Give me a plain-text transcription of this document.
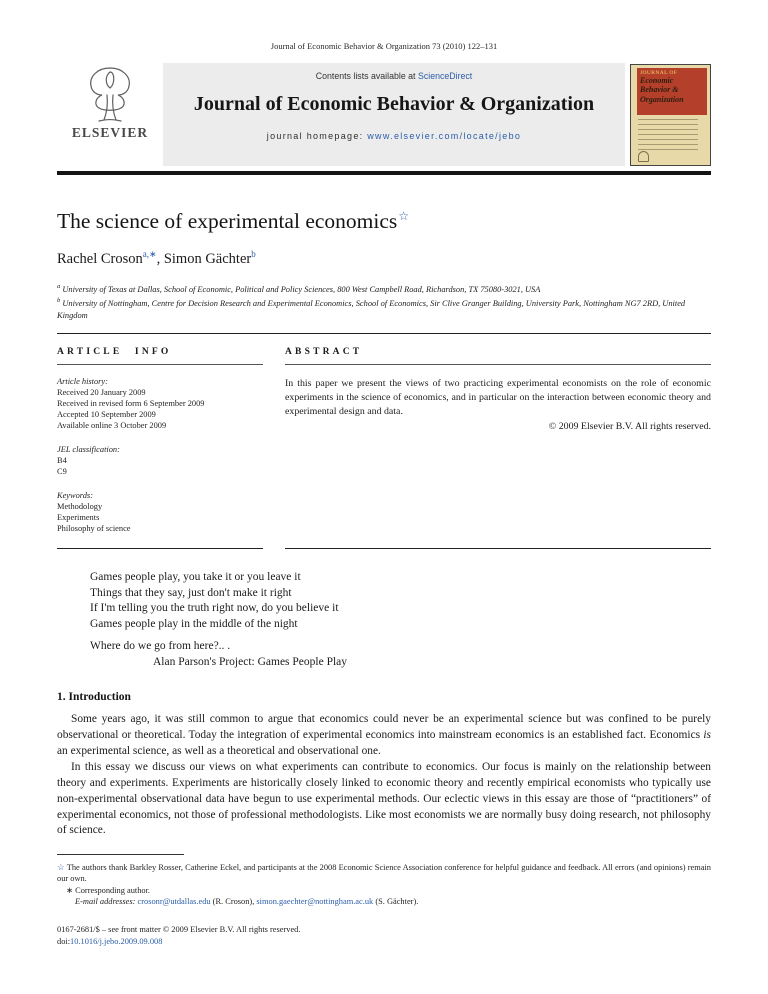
Journal of Economic Behavior & Organization 73 (2010) 122–131
ELSEVIER
Contents lists available at ScienceDirect
Journal of Economic Behavior & Organization
journal homepage: www.elsevier.com/locate/jebo
JOURNAL OF
Economic
Behavior &
Organization
The science of experimental economics☆
Rachel Croson$^{a,∗}$, Simon Gächter$^b$
$^a$ University of Texas at Dallas, School of Economic, Political and Policy Sciences, 800 West Campbell Road, Richardson, TX 75080-3021, USA
$^b$ University of Nottingham, Centre for Decision Research and Experimental Economics, School of Economics, Sir Clive Granger Building, University Park, Nottingham NG7 2RD, United Kingdom
ARTICLE INFO
Article history:
Received 20 January 2009
Received in revised form 6 September 2009
Accepted 10 September 2009
Available online 3 October 2009
JEL classification:
B4
C9
Keywords:
Methodology
Experiments
Philosophy of science
ABSTRACT

In this paper we present the views of two practicing experimental economists on the role of economic experiments in the science of economics, and in particular on the interaction between economic theory and experimental design and data.

© 2009 Elsevier B.V. All rights reserved.
Games people play, you take it or you leave it
Things that they say, just don't make it right
If I'm telling you the truth right now, do you believe it
Games people play in the middle of the night
Where do we go from here?.. .
Alan Parson's Project: Games People Play
1. Introduction

Some years ago, it was still common to argue that economics could never be an experimental science but was confined to be purely observational or theoretical. Today the integration of experimental economics into mainstream economics is an established fact. Economics is an experimental science, as well as a theoretical and observational one.

In this essay we discuss our views on what experiments can contribute to economics. Our focus is mainly on the relationship between theory and experiments. Experiments are historically closely linked to economic theory and recently empirical economists who typically use non-experimental observational data have begun to use experimental methods. Our eclectic views in this essay are those of “practitioners” of experimental economics, not those of professional methodologists. Like most economists we are normally busy doing research, not philosophy of science.

☆ The authors thank Barkley Rosser, Catherine Eckel, and participants at the 2008 Economic Science Association conference for helpful guidance and feedback. All errors (and opinions) remain our own.

∗ Corresponding author.

E-mail addresses: crosonr@utdallas.edu (R. Croson), simon.gaechter@nottingham.ac.uk (S. Gächter).

0167-2681/$ – see front matter © 2009 Elsevier B.V. All rights reserved.
doi:10.1016/j.jebo.2009.09.008
